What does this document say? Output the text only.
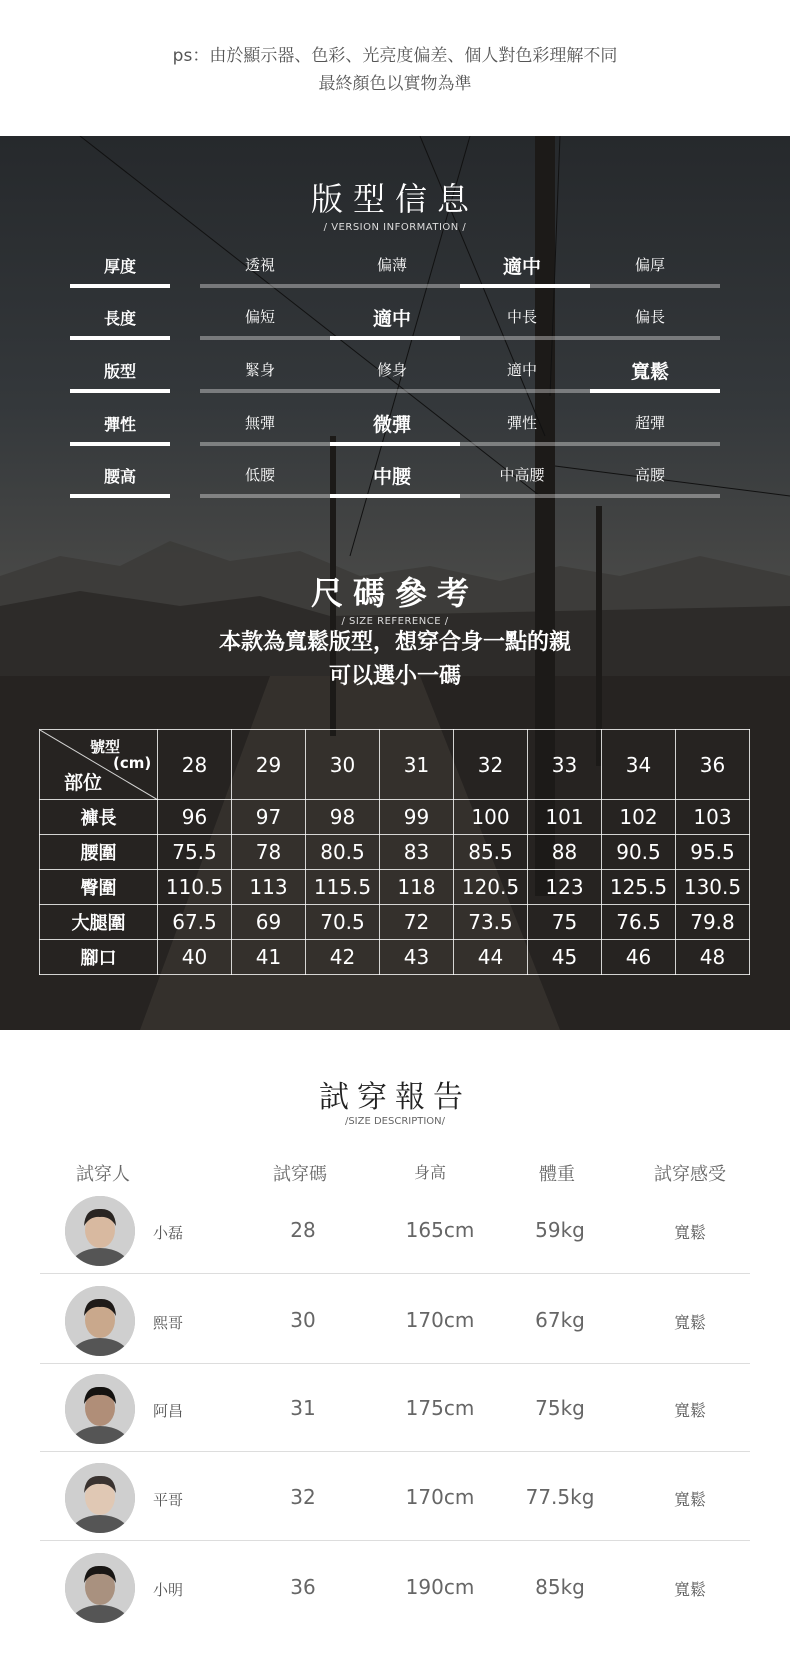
ps：由於顯示器、色彩、光亮度偏差、個人對色彩理解不同
最終顏色以實物為準
版型信息
/ VERSION INFORMATION /
厚度	透視	偏薄	適中	偏厚
長度	偏短	適中	中長	偏長
版型	緊身	修身	適中	寬鬆
彈性	無彈	微彈	彈性	超彈
腰高	低腰	中腰	中高腰	高腰
尺碼參考
/ SIZE REFERENCE /
本款為寬鬆版型，想穿合身一點的親
可以選小一碼
號型
(cm)
部位	28	29	30	31	32	33	34	36
褲長	96	97	98	99	100	101	102	103
腰圍	75.5	78	80.5	83	85.5	88	90.5	95.5
臀圍	110.5	113	115.5	118	120.5	123	125.5	130.5
大腿圍	67.5	69	70.5	72	73.5	75	76.5	79.8
腳口	40	41	42	43	44	45	46	48
試穿報告
/SIZE DESCRIPTION/
試穿人	試穿碼	身高	體重	試穿感受
小磊	28	165cm	59kg	寬鬆
熙哥	30	170cm	67kg	寬鬆
阿昌	31	175cm	75kg	寬鬆
平哥	32	170cm	77.5kg	寬鬆
小明	36	190cm	85kg	寬鬆
